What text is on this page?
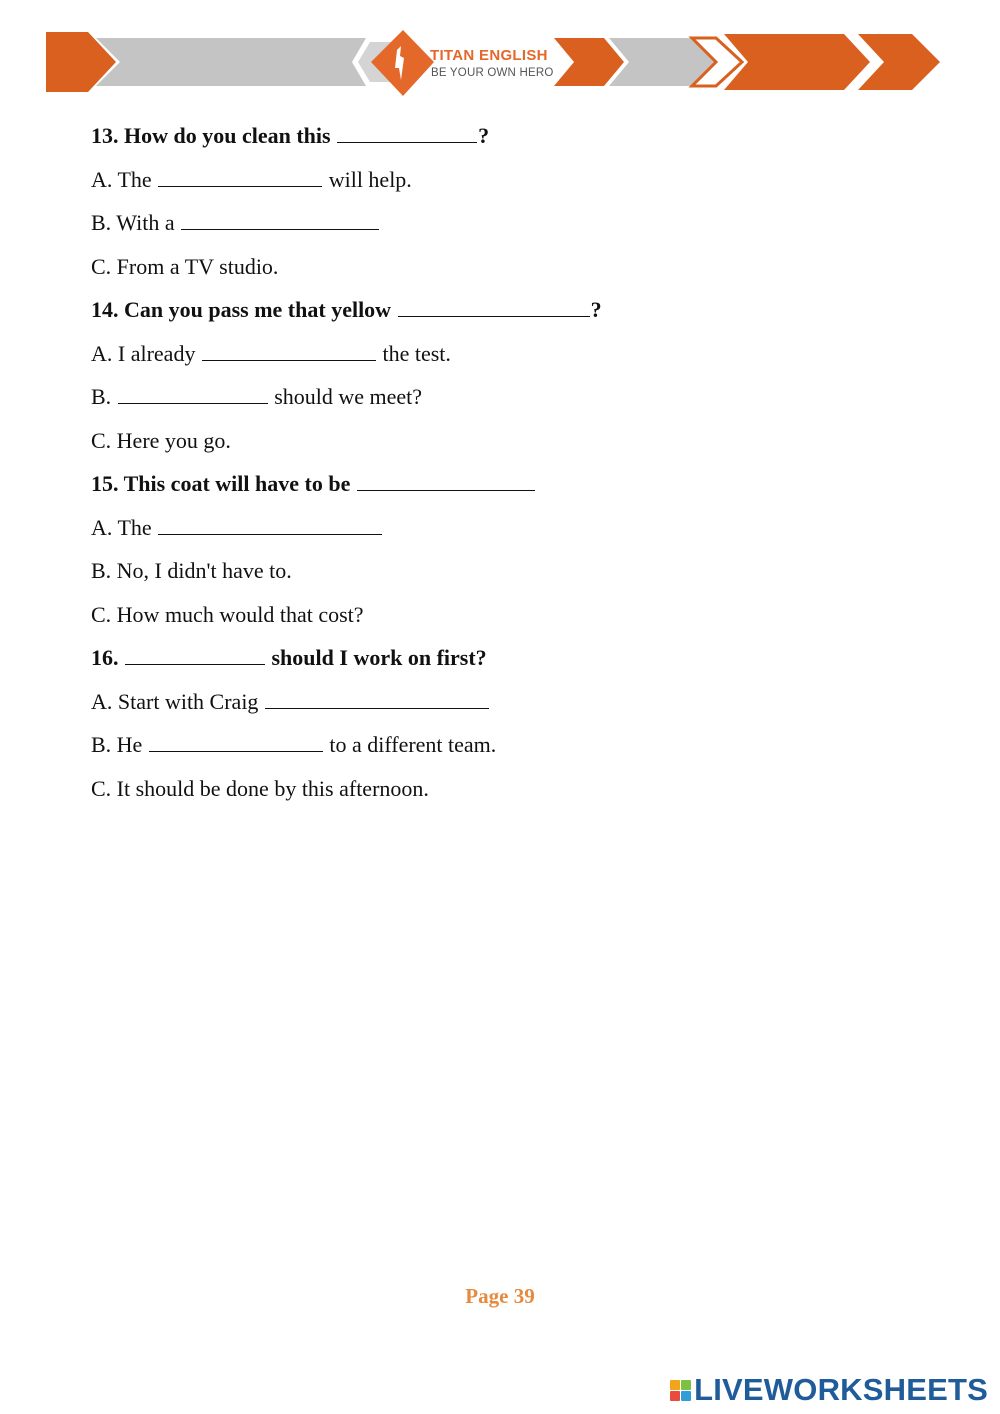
TITAN ENGLISH
BE YOUR OWN HERO
13. How do you clean this	?
A. The	will help.
B. With a
C. From a TV studio.
14. Can you pass me that yellow	?
A. I already	the test.
B.	should we meet?
C. Here you go.
15. This coat will have to be
A. The
B. No, I didn't have to.
C. How much would that cost?
16.	should I work on first?
A. Start with Craig
B. He	to a different team.
C. It should be done by this afternoon.
Page 39
LIVEWORKSHEETS
